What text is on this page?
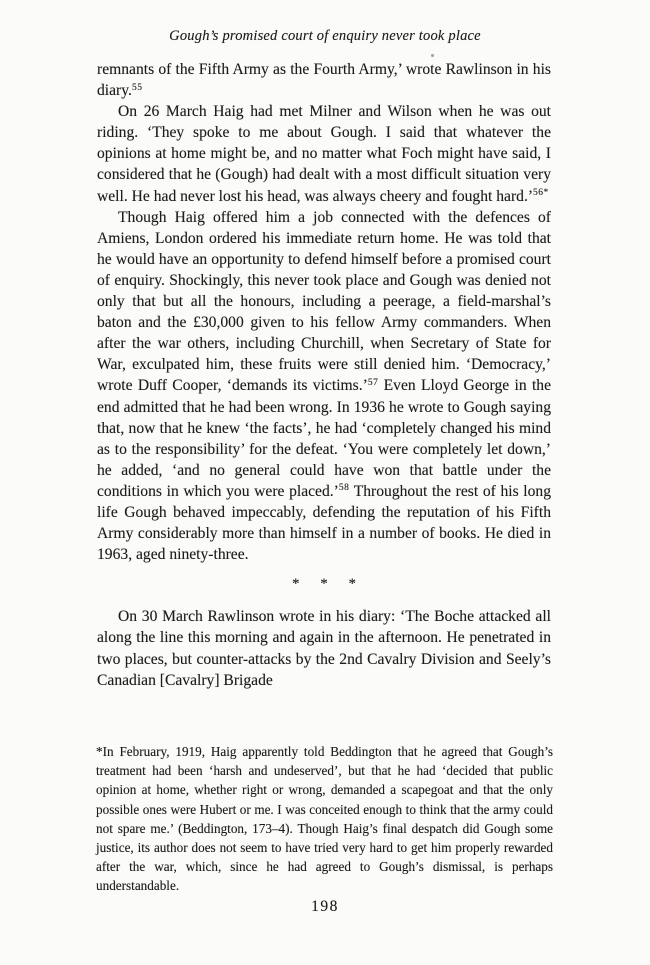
Gough’s promised court of enquiry never took place

remnants of the Fifth Army as the Fourth Army,’ wrote Rawlinson in his diary.$^{55}$

On 26 March Haig had met Milner and Wilson when he was out riding. ‘They spoke to me about Gough. I said that whatever the opinions at home might be, and no matter what Foch might have said, I considered that he (Gough) had dealt with a most difficult situation very well. He had never lost his head, was always cheery and fought hard.’$^{56*}$

Though Haig offered him a job connected with the defences of Amiens, London ordered his immediate return home. He was told that he would have an opportunity to defend himself before a promised court of enquiry. Shockingly, this never took place and Gough was denied not only that but all the honours, including a peerage, a field-marshal’s baton and the £30,000 given to his fellow Army commanders. When after the war others, including Churchill, when Secretary of State for War, exculpated him, these fruits were still denied him. ‘Democracy,’ wrote Duff Cooper, ‘demands its victims.’$^{57}$ Even Lloyd George in the end admitted that he had been wrong. In 1936 he wrote to Gough saying that, now that he knew ‘the facts’, he had ‘completely changed his mind as to the responsibility’ for the defeat. ‘You were completely let down,’ he added, ‘and no general could have won that battle under the conditions in which you were placed.’$^{58}$ Throughout the rest of his long life Gough behaved impeccably, defending the reputation of his Fifth Army considerably more than himself in a number of books. He died in 1963, aged ninety-three.

* * *

On 30 March Rawlinson wrote in his diary: ‘The Boche attacked all along the line this morning and again in the afternoon. He penetrated in two places, but counter-attacks by the 2nd Cavalry Division and Seely’s Canadian [Cavalry] Brigade

*In February, 1919, Haig apparently told Beddington that he agreed that Gough’s treatment had been ‘harsh and undeserved’, but that he had ‘decided that public opinion at home, whether right or wrong, demanded a scapegoat and that the only possible ones were Hubert or me. I was conceited enough to think that the army could not spare me.’ (Beddington, 173–4). Though Haig’s final despatch did Gough some justice, its author does not seem to have tried very hard to get him properly rewarded after the war, which, since he had agreed to Gough’s dismissal, is perhaps understandable.
198
